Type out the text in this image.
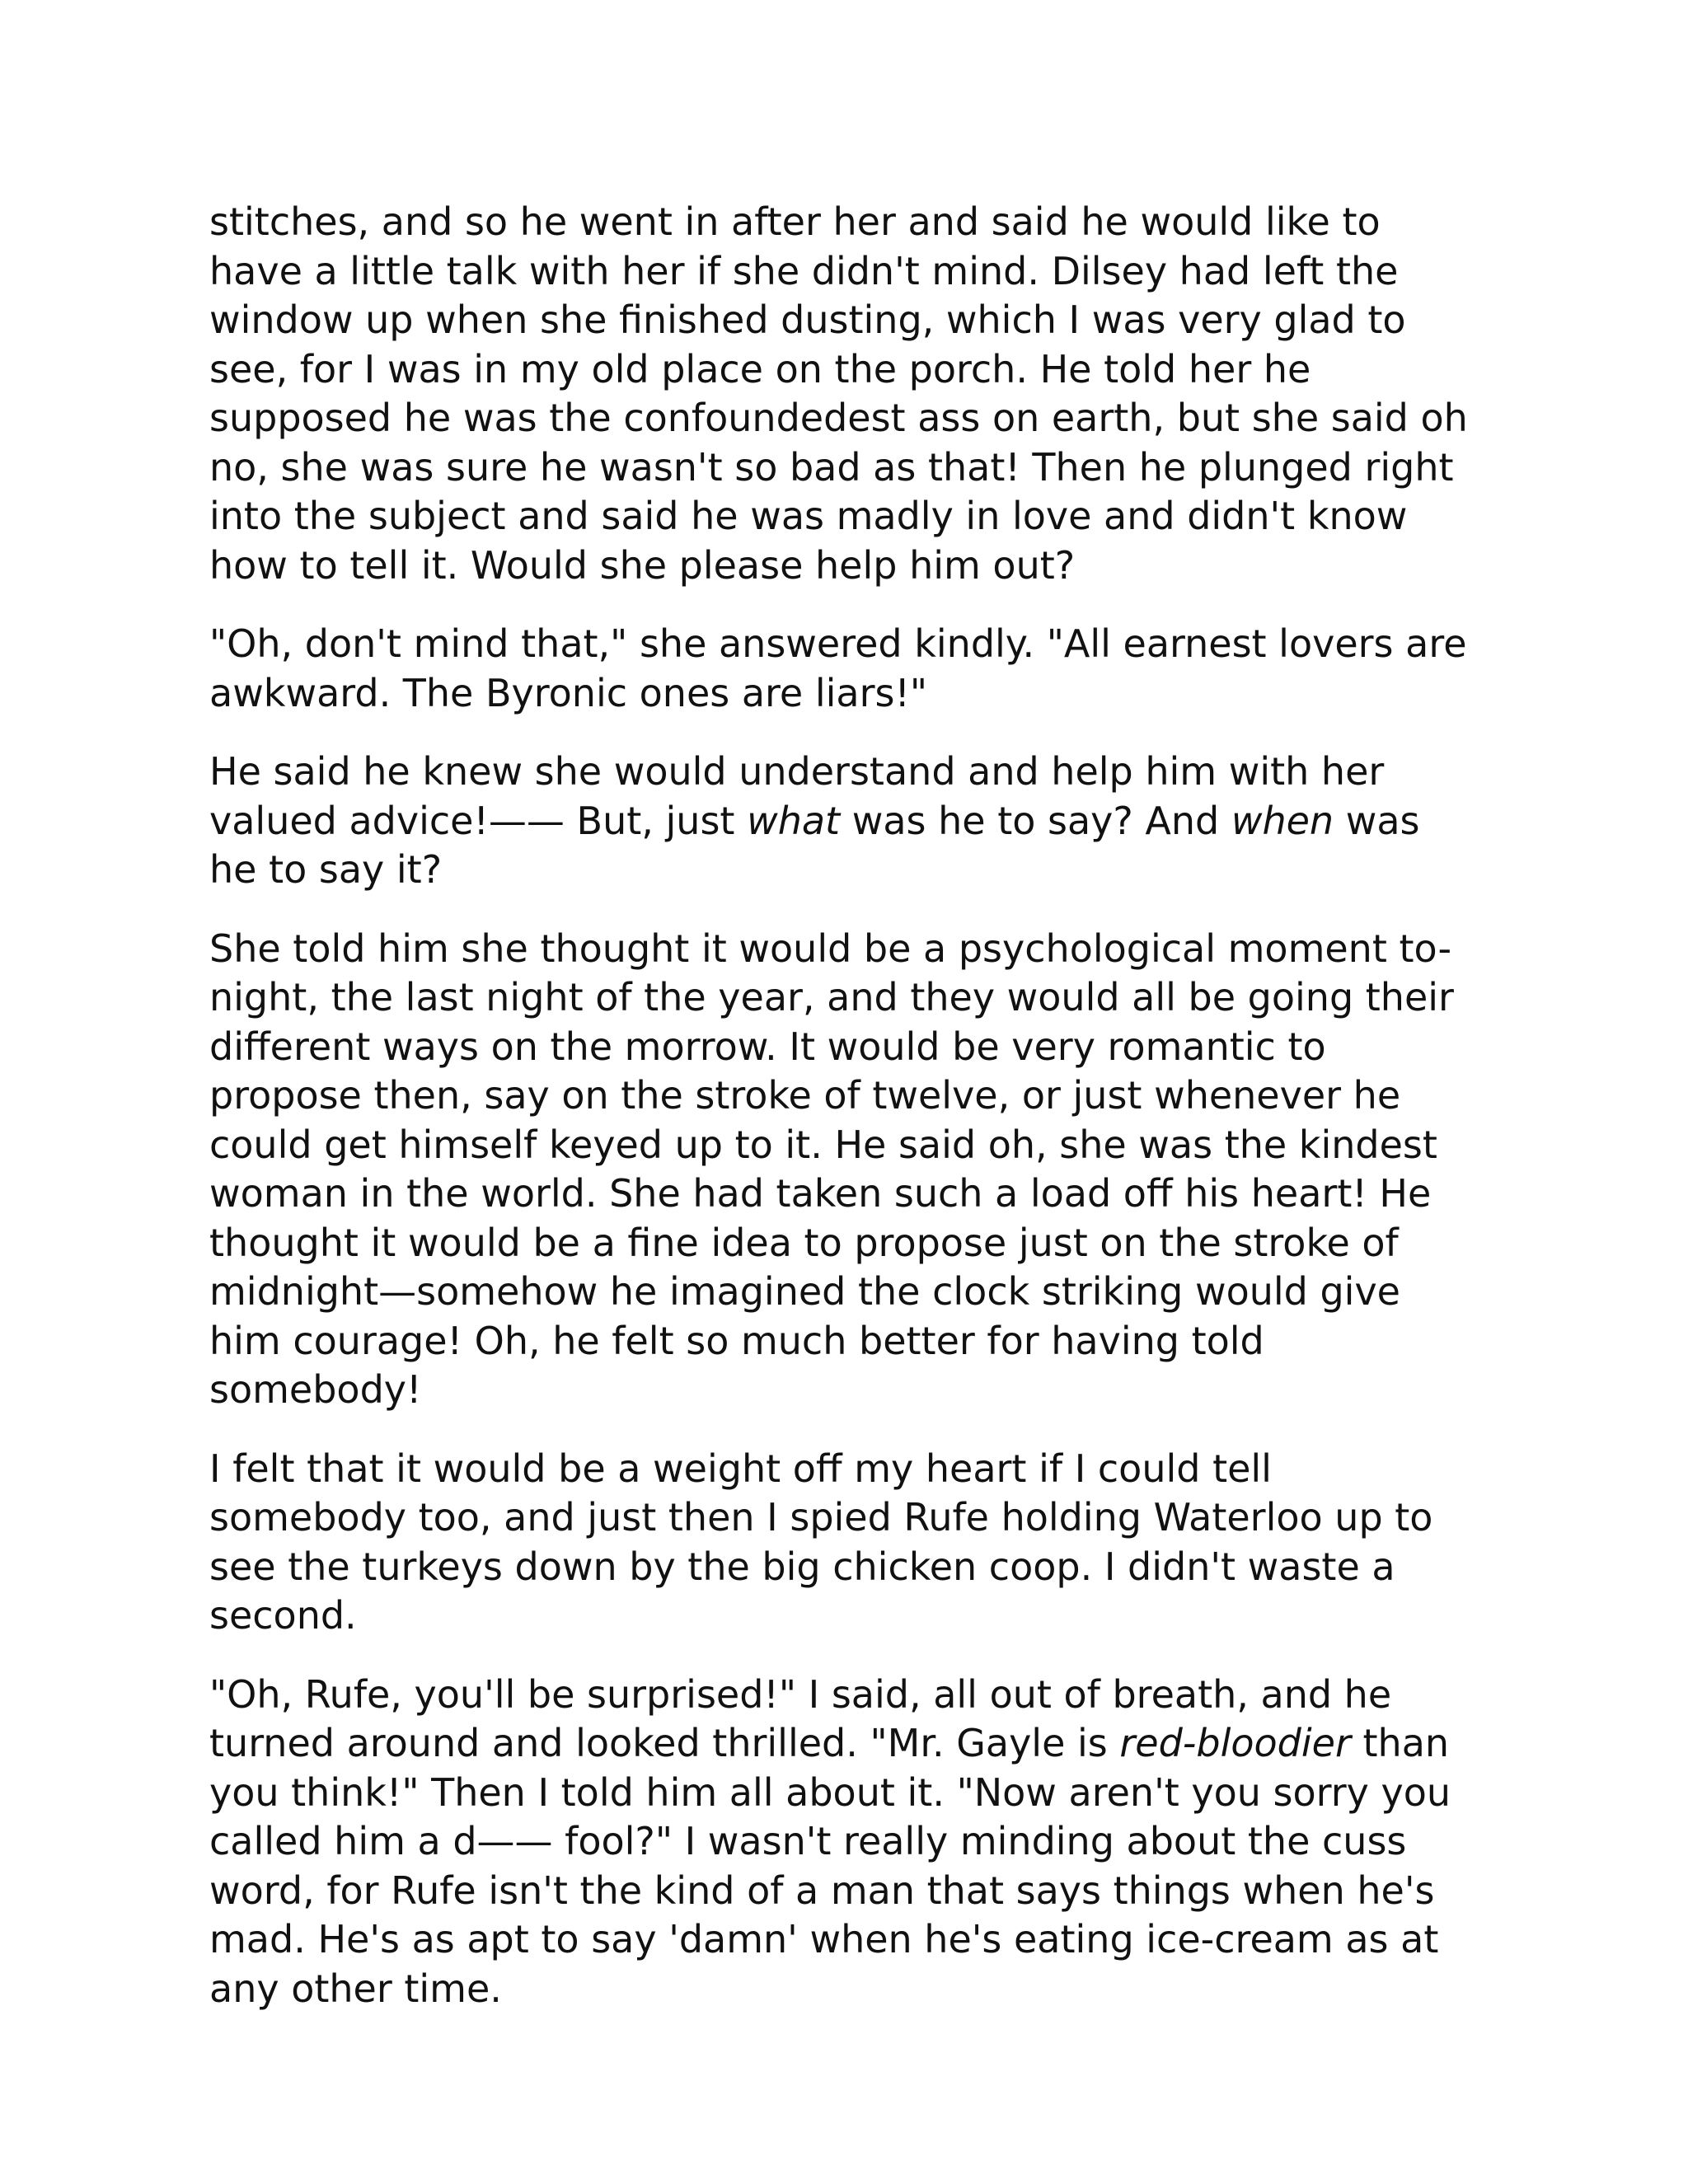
stitches, and so he went in after her and said he would like to have a little talk with her if she didn't mind. Dilsey had left the window up when she finished dusting, which I was very glad to see, for I was in my old place on the porch. He told her he supposed he was the confoundedest ass on earth, but she said oh no, she was sure he wasn't so bad as that! Then he plunged right into the subject and said he was madly in love and didn't know how to tell it. Would she please help him out?

"Oh, don't mind that," she answered kindly. "All earnest lovers are awkward. The Byronic ones are liars!"

He said he knew she would understand and help him with her valued advice!—— But, just what was he to say? And when was he to say it?

She told him she thought it would be a psychological moment to-night, the last night of the year, and they would all be going their different ways on the morrow. It would be very romantic to propose then, say on the stroke of twelve, or just whenever he could get himself keyed up to it. He said oh, she was the kindest woman in the world. She had taken such a load off his heart! He thought it would be a fine idea to propose just on the stroke of midnight—somehow he imagined the clock striking would give him courage! Oh, he felt so much better for having told somebody!

I felt that it would be a weight off my heart if I could tell somebody too, and just then I spied Rufe holding Waterloo up to see the turkeys down by the big chicken coop. I didn't waste a second.

"Oh, Rufe, you'll be surprised!" I said, all out of breath, and he turned around and looked thrilled. "Mr. Gayle is red-bloodier than you think!" Then I told him all about it. "Now aren't you sorry you called him a d—— fool?" I wasn't really minding about the cuss word, for Rufe isn't the kind of a man that says things when he's mad. He's as apt to say 'damn' when he's eating ice-cream as at any other time.
